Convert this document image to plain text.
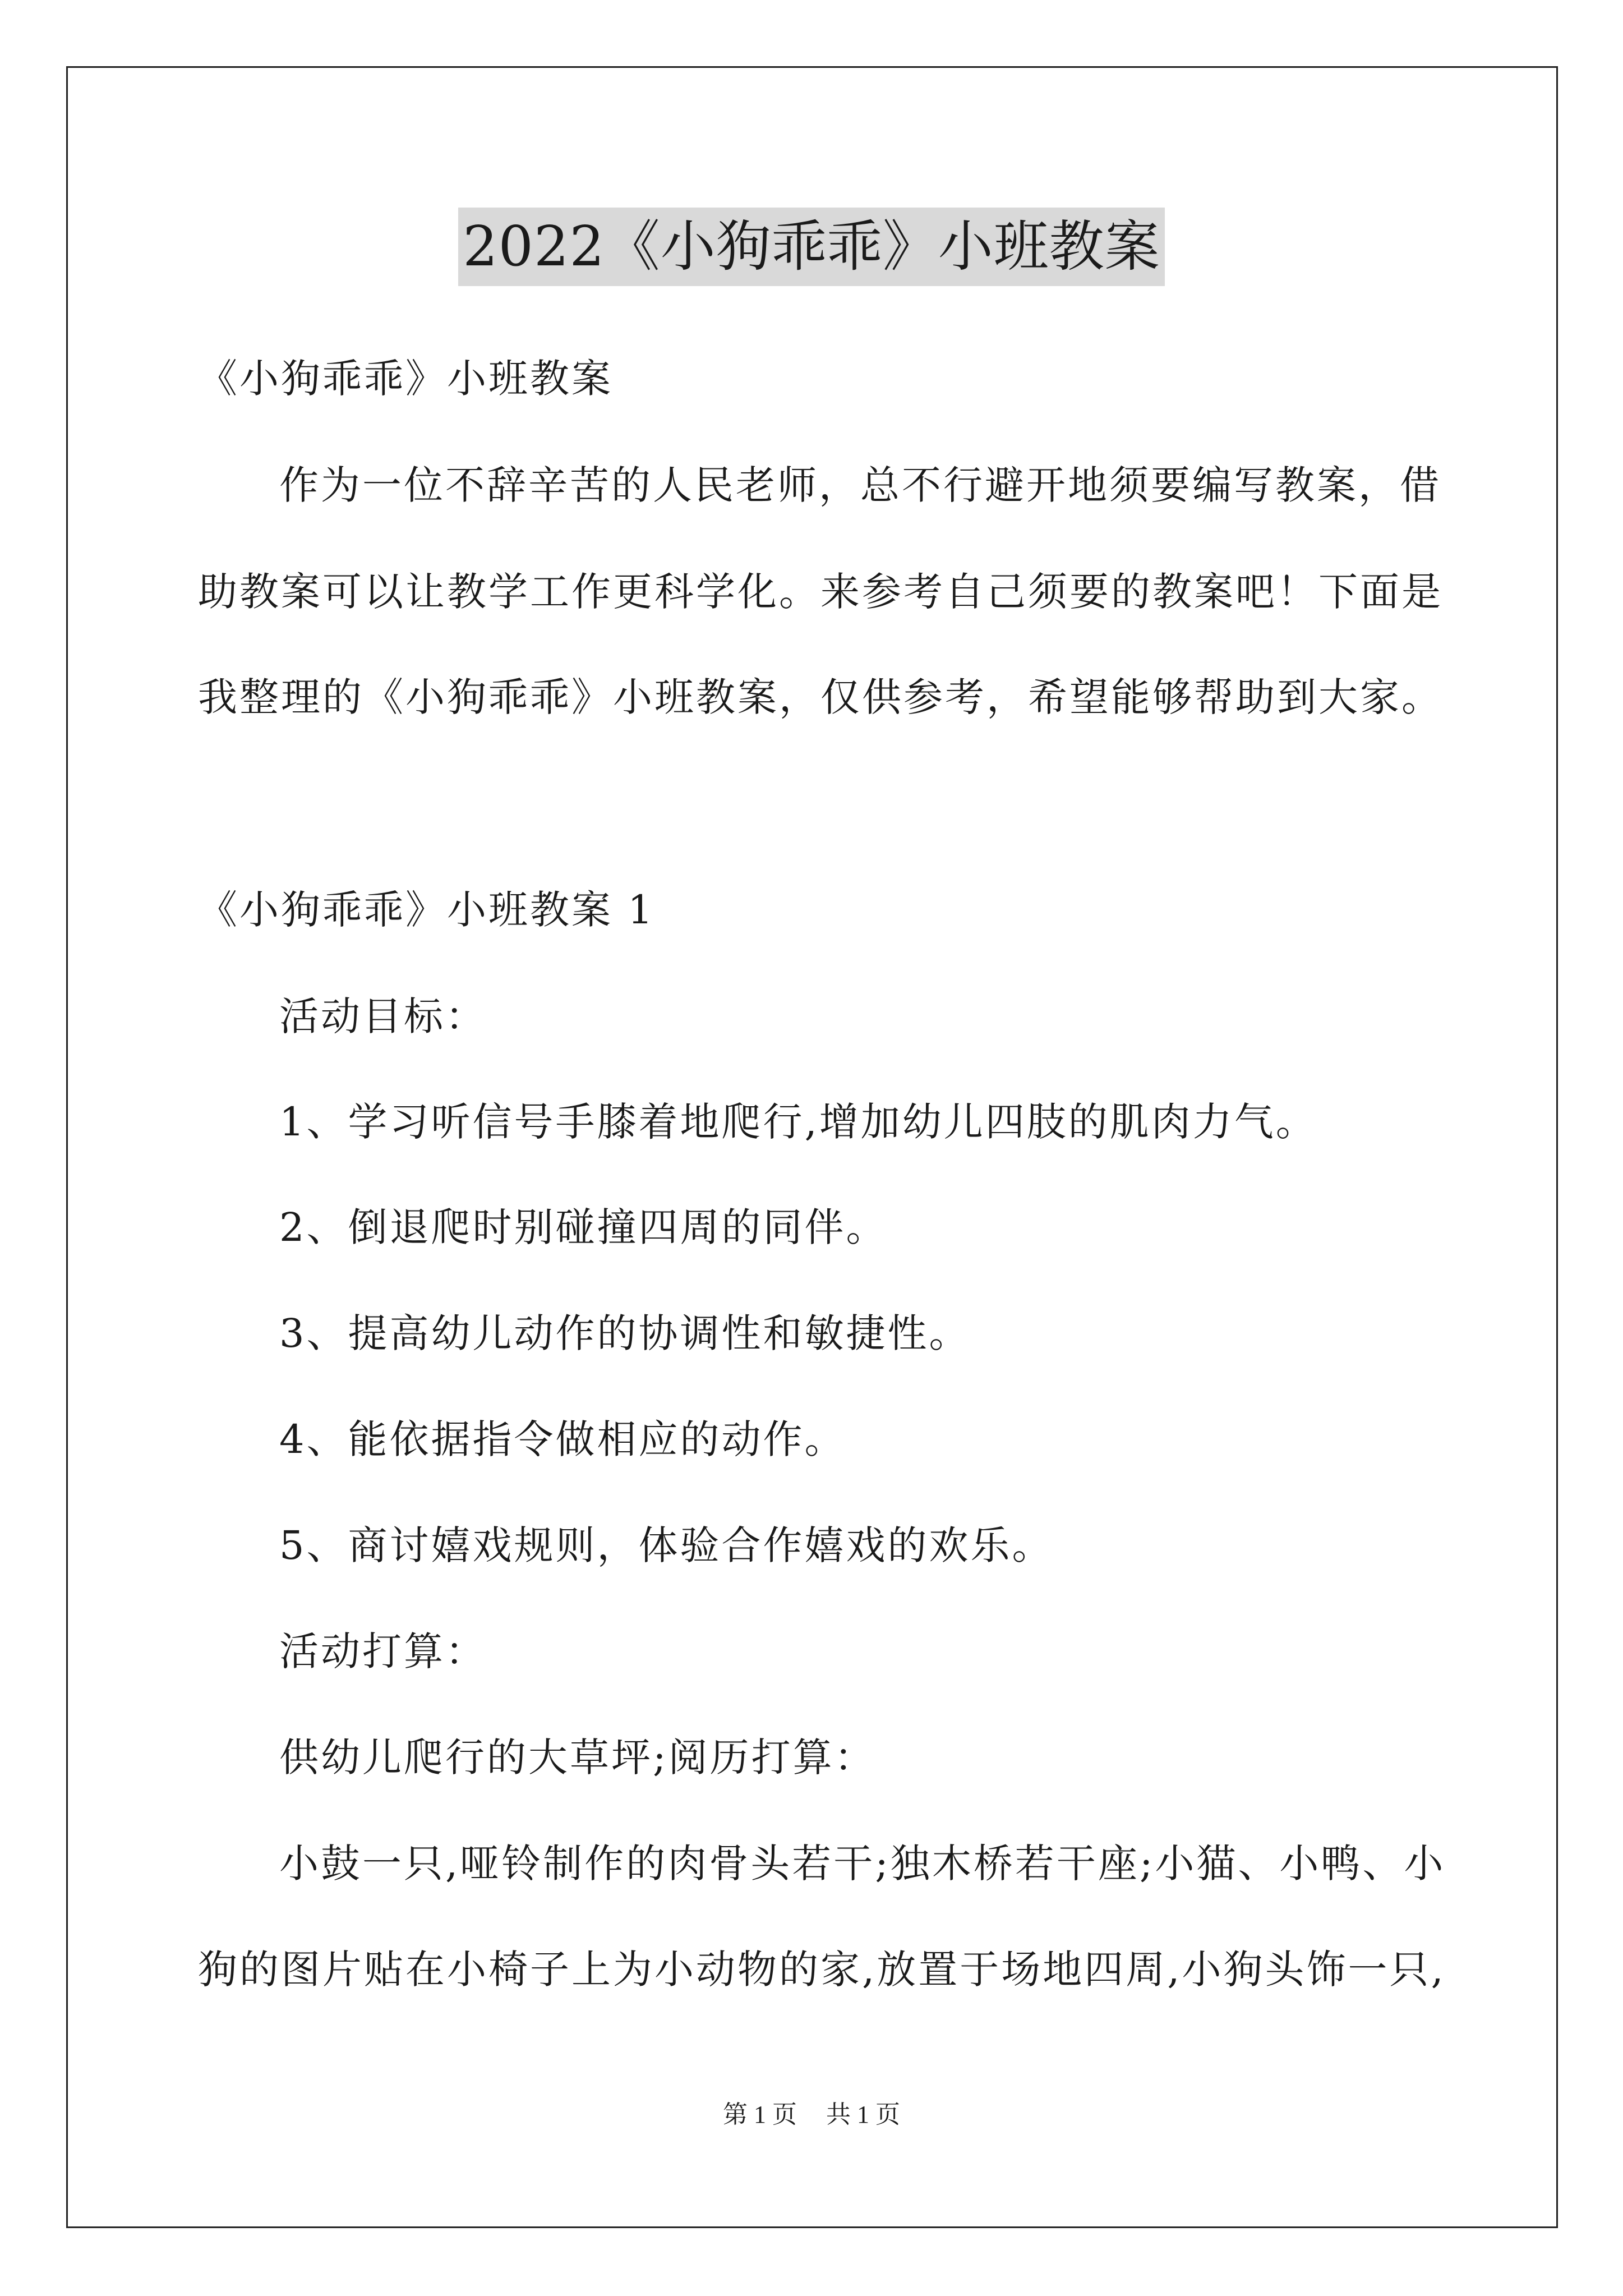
2022《小狗乖乖》小班教案
《小狗乖乖》小班教案
作为一位不辞辛苦的人民老师，总不行避开地须要编写教案，借
助教案可以让教学工作更科学化。来参考自己须要的教案吧！下面是
我整理的《小狗乖乖》小班教案，仅供参考，希望能够帮助到大家。
《小狗乖乖》小班教案 1
活动目标：
1、学习听信号手膝着地爬行,增加幼儿四肢的肌肉力气。
2、倒退爬时别碰撞四周的同伴。
3、提高幼儿动作的协调性和敏捷性。
4、能依据指令做相应的动作。
5、商讨嬉戏规则，体验合作嬉戏的欢乐。
活动打算：
供幼儿爬行的大草坪;阅历打算：
小鼓一只,哑铃制作的肉骨头若干;独木桥若干座;小猫、小鸭、小
狗的图片贴在小椅子上为小动物的家,放置于场地四周,小狗头饰一只,
第 1 页 共 1 页
